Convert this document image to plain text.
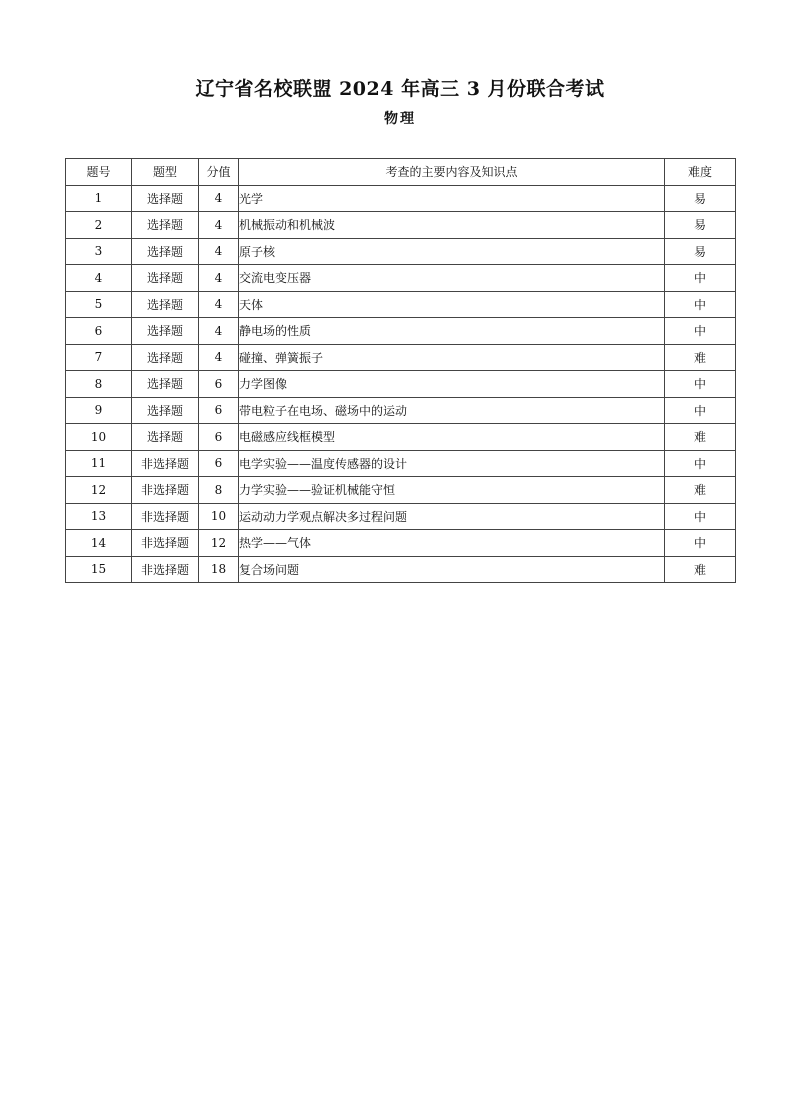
辽宁省名校联盟 2024 年高三 3 月份联合考试
物理
题号	题型	分值	考查的主要内容及知识点	难度
1	选择题	4	光学	易
2	选择题	4	机械振动和机械波	易
3	选择题	4	原子核	易
4	选择题	4	交流电变压器	中
5	选择题	4	天体	中
6	选择题	4	静电场的性质	中
7	选择题	4	碰撞、弹簧振子	难
8	选择题	6	力学图像	中
9	选择题	6	带电粒子在电场、磁场中的运动	中
10	选择题	6	电磁感应线框模型	难
11	非选择题	6	电学实验——温度传感器的设计	中
12	非选择题	8	力学实验——验证机械能守恒	难
13	非选择题	10	运动动力学观点解决多过程问题	中
14	非选择题	12	热学——气体	中
15	非选择题	18	复合场问题	难
